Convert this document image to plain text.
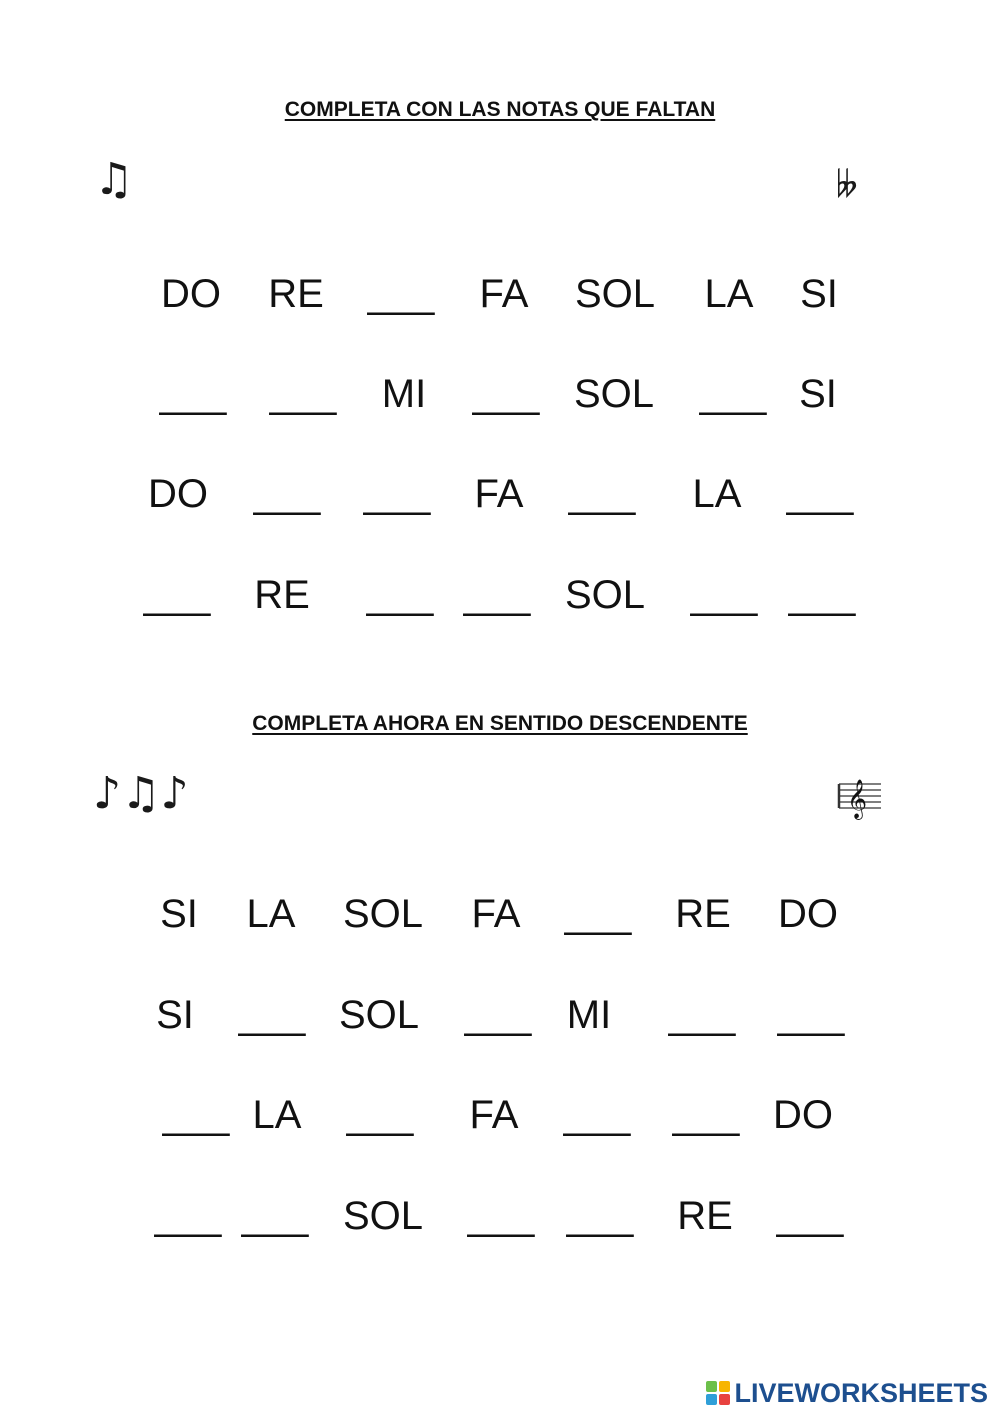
COMPLETA CON LAS NOTAS QUE FALTAN
♫	𝄫
DO RE ___ FA SOL LA SI
___ ___ MI ___ SOL ___ SI
DO ___ ___ FA ___ LA ___
___ RE ___ ___ SOL ___ ___
COMPLETA AHORA EN SENTIDO DESCENDENTE
♪♫♪	𝄞
SI LA SOL FA ___ RE DO
SI ___ SOL ___ MI ___ ___
___ LA ___ FA ___ ___ DO
___ ___ SOL ___ ___ RE ___
LIVEWORKSHEETS
